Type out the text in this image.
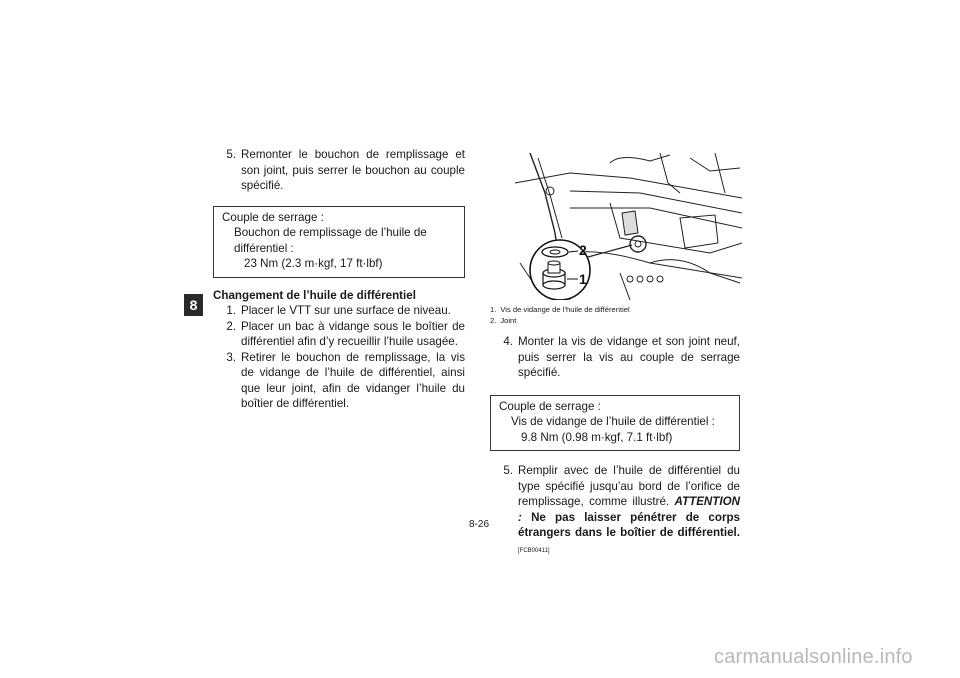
8
5. Remonter le bouchon de remplissage et son joint, puis serrer le bouchon au couple spécifié.
Couple de serrage :
Bouchon de remplissage de l’huile de différentiel :
23 Nm (2.3 m·kgf, 17 ft·lbf)
Changement de l’huile de différentiel
1. Placer le VTT sur une surface de niveau.
2. Placer un bac à vidange sous le boîtier de différentiel afin d’y recueillir l’huile usagée.
3. Retirer le bouchon de remplissage, la vis de vidange de l’huile de différentiel, ainsi que leur joint, afin de vidanger l’huile du boîtier de différentiel.
2
1
1. Vis de vidange de l’huile de différentiel
2. Joint
4. Monter la vis de vidange et son joint neuf, puis serrer la vis au couple de serrage spécifié.
Couple de serrage :
Vis de vidange de l’huile de différentiel :
9.8 Nm (0.98 m·kgf, 7.1 ft·lbf)
5. Remplir avec de l’huile de différentiel du type spécifié jusqu’au bord de l’orifice de remplissage, comme illustré. ATTENTION : Ne pas laisser pénétrer de corps étrangers dans le boîtier de différentiel. [FCB00411]
8-26
carmanualsonline.info
